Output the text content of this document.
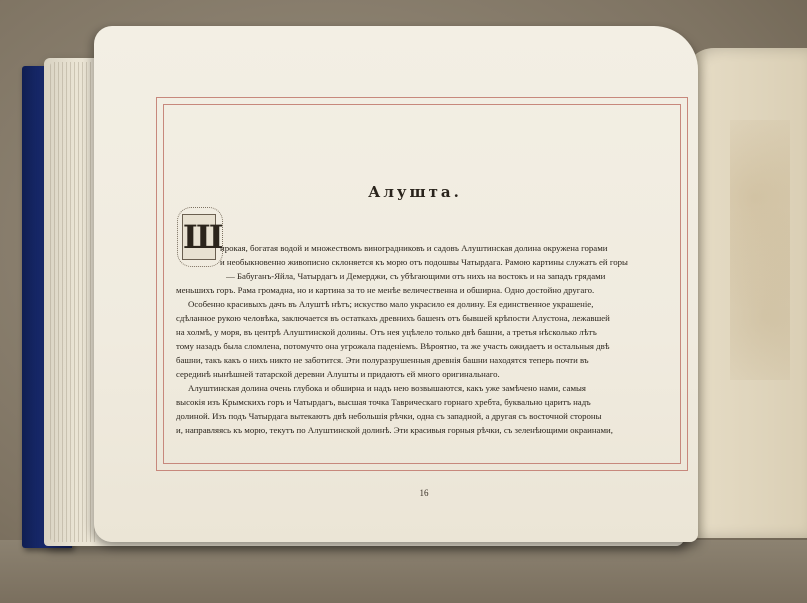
Алушта.
Ш
ирокая, богатая водой и множествомъ виноградниковъ и садовъ Алуштинская долина окружена горами
и необыкновенно живописно склоняется къ морю отъ подошвы Чатырдага. Рамою картины служатъ ей горы
— Бабуганъ-Яйла, Чатырдагъ и Демерджи, съ убѣгающими отъ нихъ на востокъ и на западъ грядами
меньшихъ горъ. Рама громадна, но и картина за то не менѣе величественна и обширна. Одно достойно другаго.
Особенно красивыхъ дачъ въ Алуштѣ нѣтъ; искуство мало украсило ея долину. Ея единственное украшеніе,
сдѣланное рукою человѣка, заключается въ остаткахъ древнихъ башенъ отъ бывшей крѣпости Алустона, лежавшей
на холмѣ, у моря, въ центрѣ Алуштинской долины. Отъ нея уцѣлело только двѣ башни, а третья нѣсколько лѣтъ
тому назадъ была сломлена, потомучто она угрожала паденіемъ. Вѣроятно, та же участь ожидаетъ и остальныя двѣ
башни, такъ какъ о нихъ никто не заботится. Эти полуразрушенныя древнія башни находятся теперь почти въ
серединѣ нынѣшней татарской деревни Алушты и придаютъ ей много оригинальнаго.
Алуштинская долина очень глубока и обширна и надъ нею возвышаются, какъ уже замѣчено нами, самыя
высокія изъ Крымскихъ горъ и Чатырдагъ, высшая точка Таврическаго горнаго хребта, буквально царитъ надъ
долиной. Изъ подъ Чатырдага вытекаютъ двѣ небольшія рѣчки, одна съ западной, а другая съ восточной стороны
и, направляясь къ морю, текутъ по Алуштинской долинѣ. Эти красивыя горныя рѣчки, съ зеленѣющими окраинами,
16
